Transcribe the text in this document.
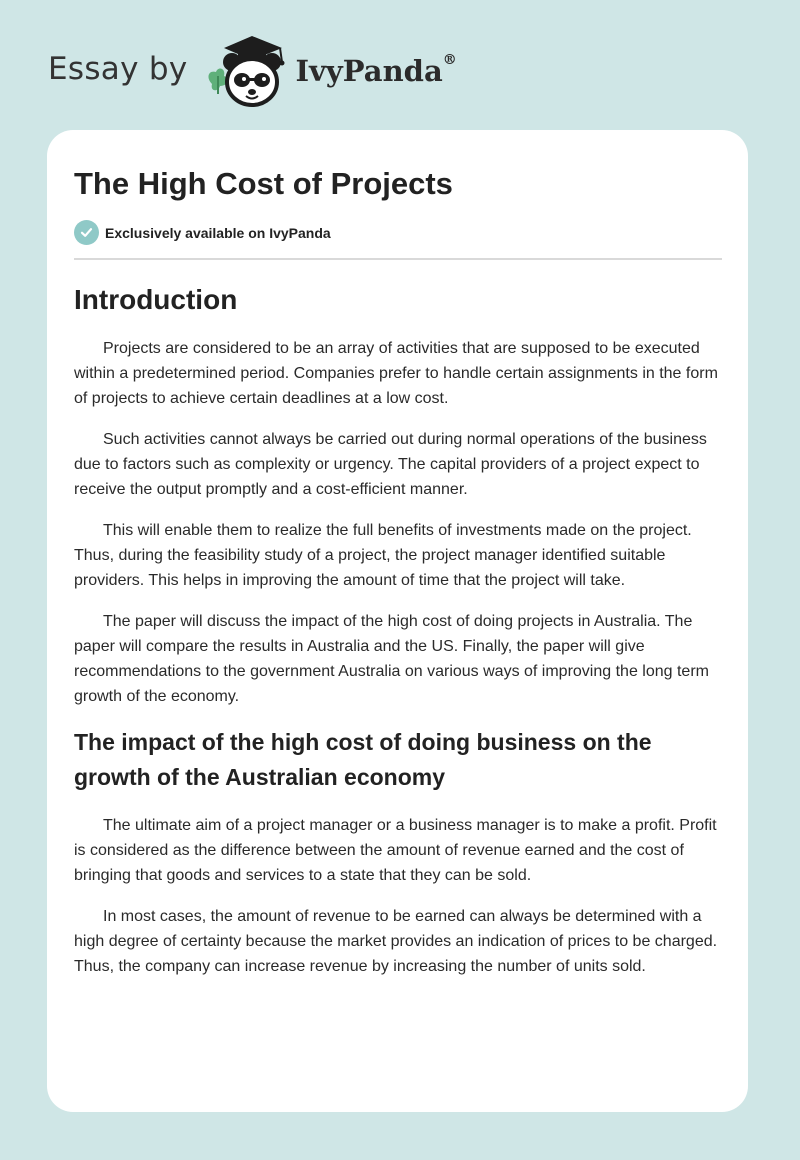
Essay by	IvyPanda®
The High Cost of Projects
Exclusively available on IvyPanda
Introduction

Projects are considered to be an array of activities that are supposed to be executed within a predetermined period. Companies prefer to handle certain assignments in the form of projects to achieve certain deadlines at a low cost.

Such activities cannot always be carried out during normal operations of the business due to factors such as complexity or urgency. The capital providers of a project expect to receive the output promptly and a cost-efficient manner.

This will enable them to realize the full benefits of investments made on the project. Thus, during the feasibility study of a project, the project manager identified suitable providers. This helps in improving the amount of time that the project will take.

The paper will discuss the impact of the high cost of doing projects in Australia. The paper will compare the results in Australia and the US. Finally, the paper will give recommendations to the government Australia on various ways of improving the long term growth of the economy.

The impact of the high cost of doing business on the growth of the Australian economy

The ultimate aim of a project manager or a business manager is to make a profit. Profit is considered as the difference between the amount of revenue earned and the cost of bringing that goods and services to a state that they can be sold.

In most cases, the amount of revenue to be earned can always be determined with a high degree of certainty because the market provides an indication of prices to be charged. Thus, the company can increase revenue by increasing the number of units sold.
